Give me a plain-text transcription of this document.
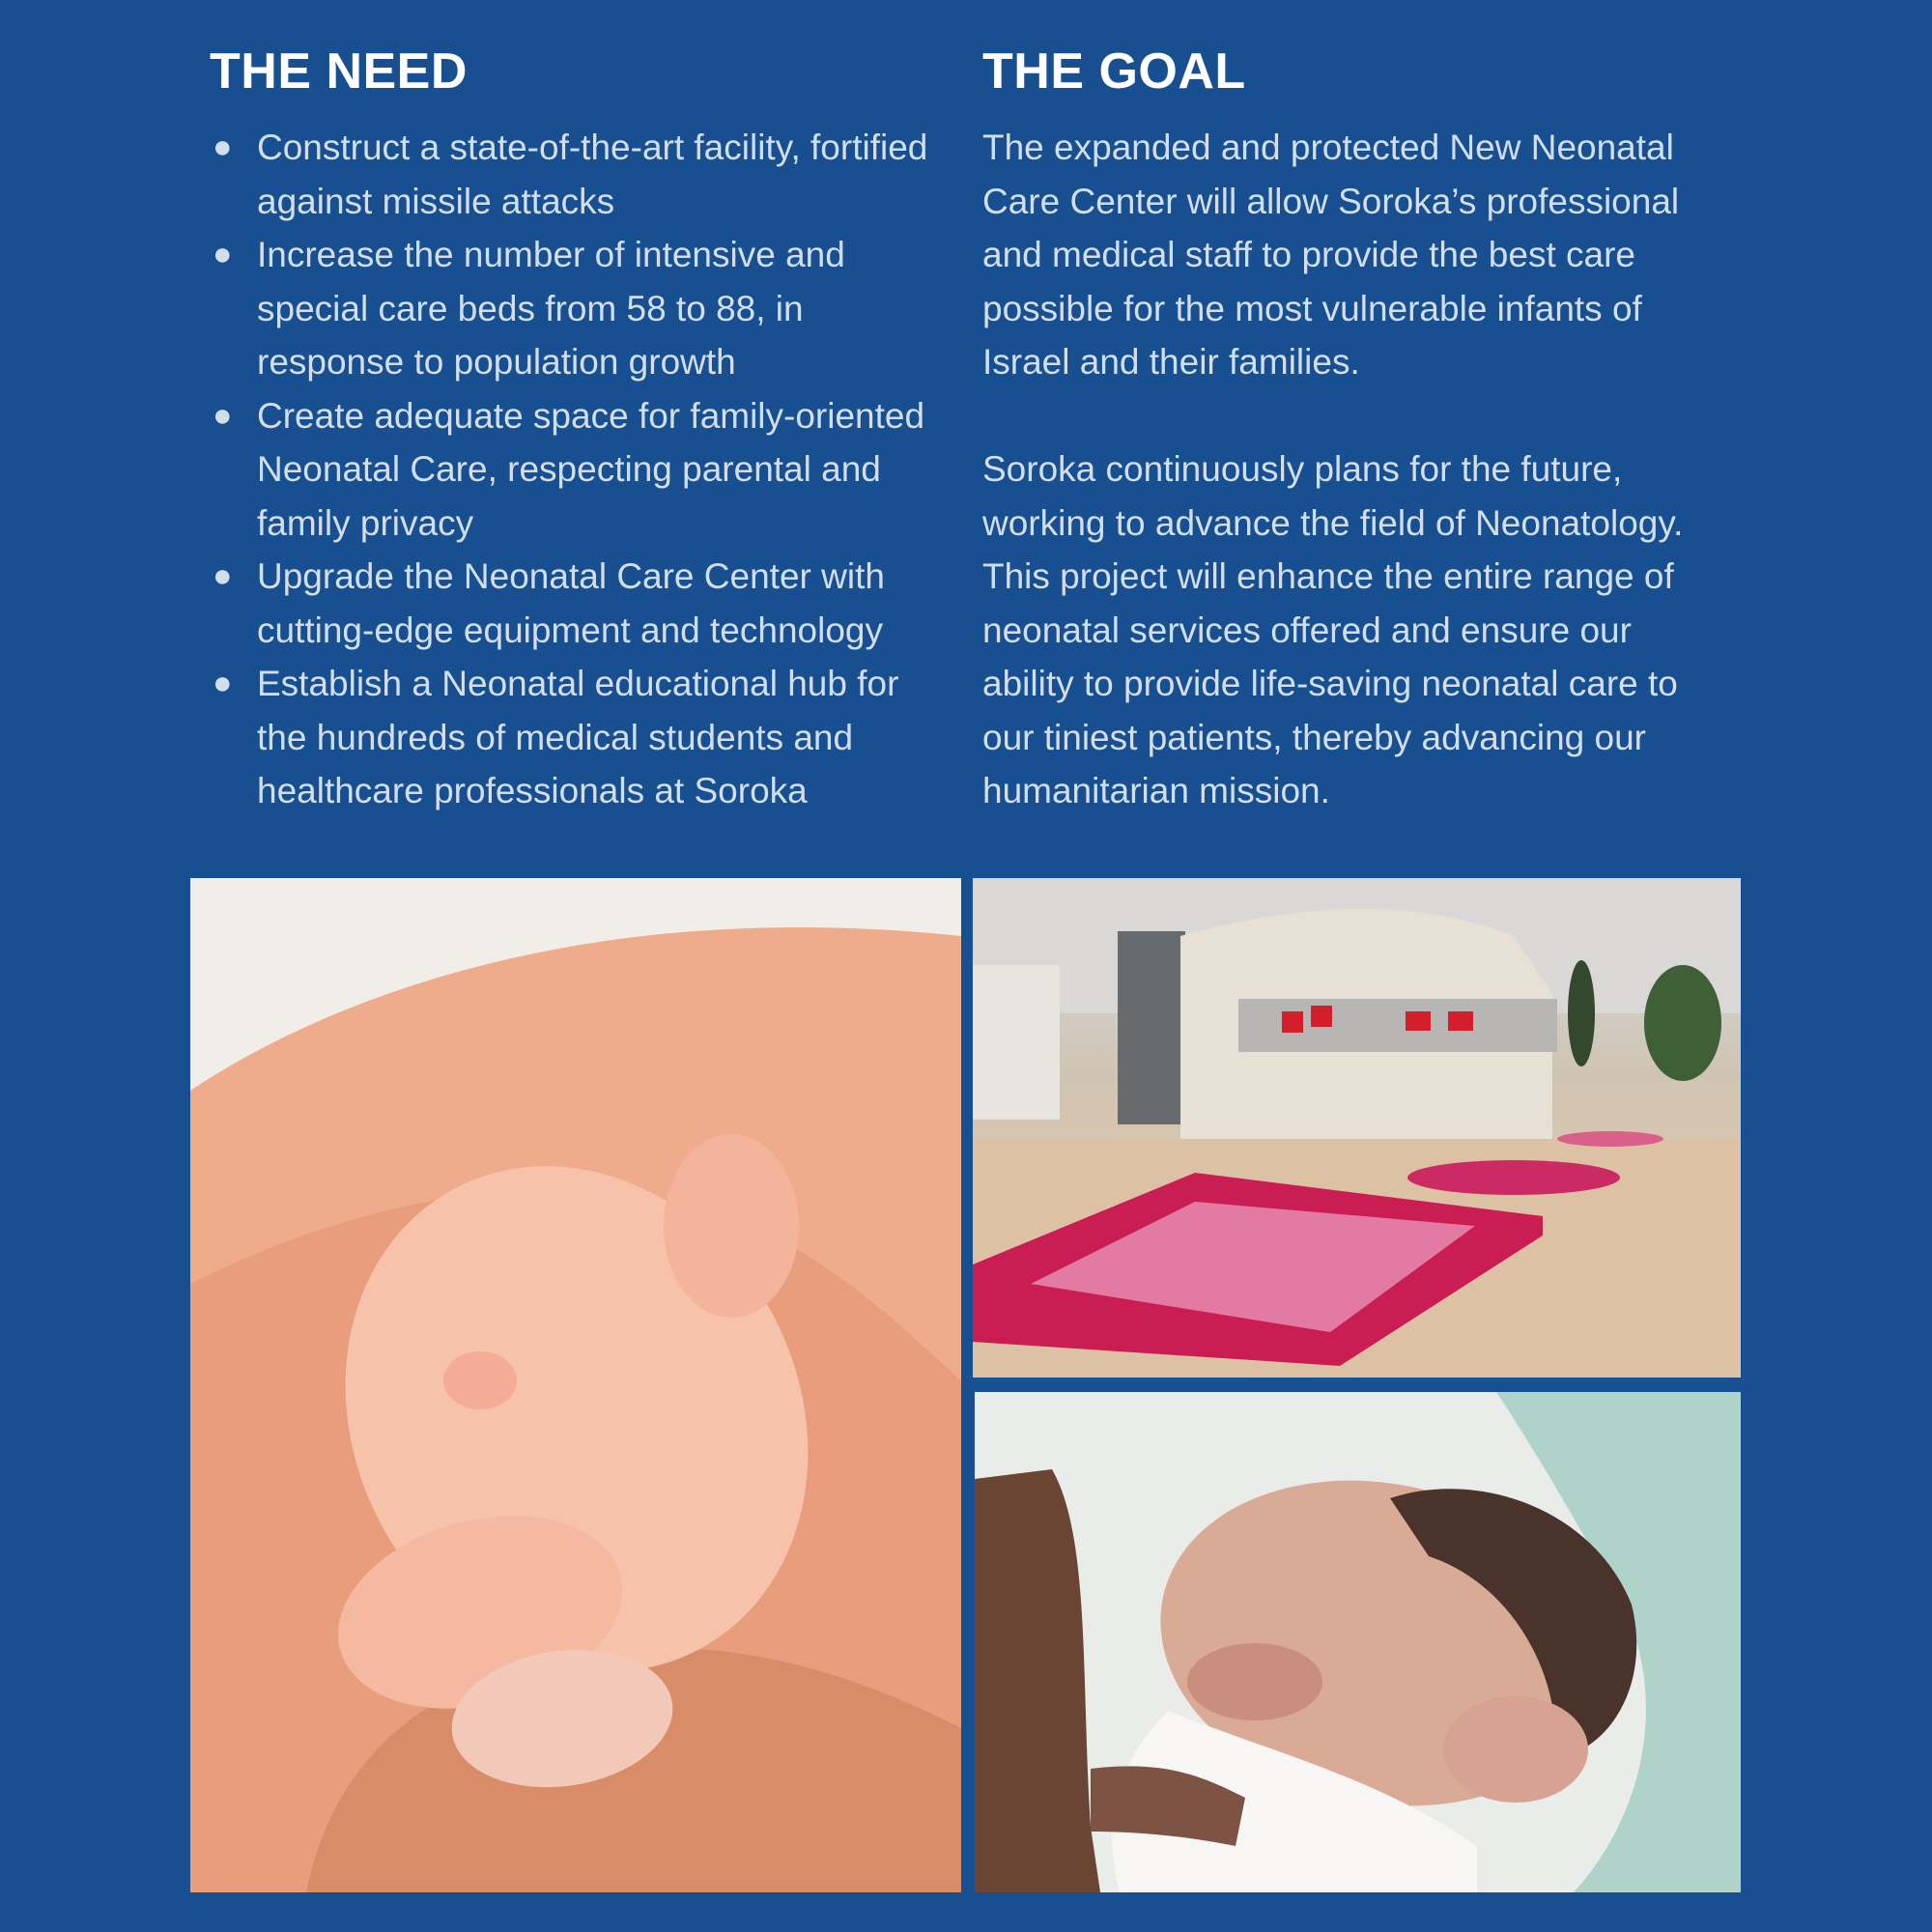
THE NEED
● Construct a state-of-the-art facility, fortified against missile attacks
● Increase the number of intensive and special care beds from 58 to 88, in response to population growth
● Create adequate space for family-oriented Neonatal Care, respecting parental and family privacy
● Upgrade the Neonatal Care Center with cutting-edge equipment and technology
● Establish a Neonatal educational hub for the hundreds of medical students and healthcare professionals at Soroka
THE GOAL

The expanded and protected New Neonatal Care Center will allow Soroka’s professional and medical staff to provide the best care possible for the most vulnerable infants of Israel and their families.

Soroka continuously plans for the future, working to advance the field of Neonatology. This project will enhance the entire range of neonatal services offered and ensure our ability to provide life-saving neonatal care to our tiniest patients, thereby advancing our humanitarian mission.
